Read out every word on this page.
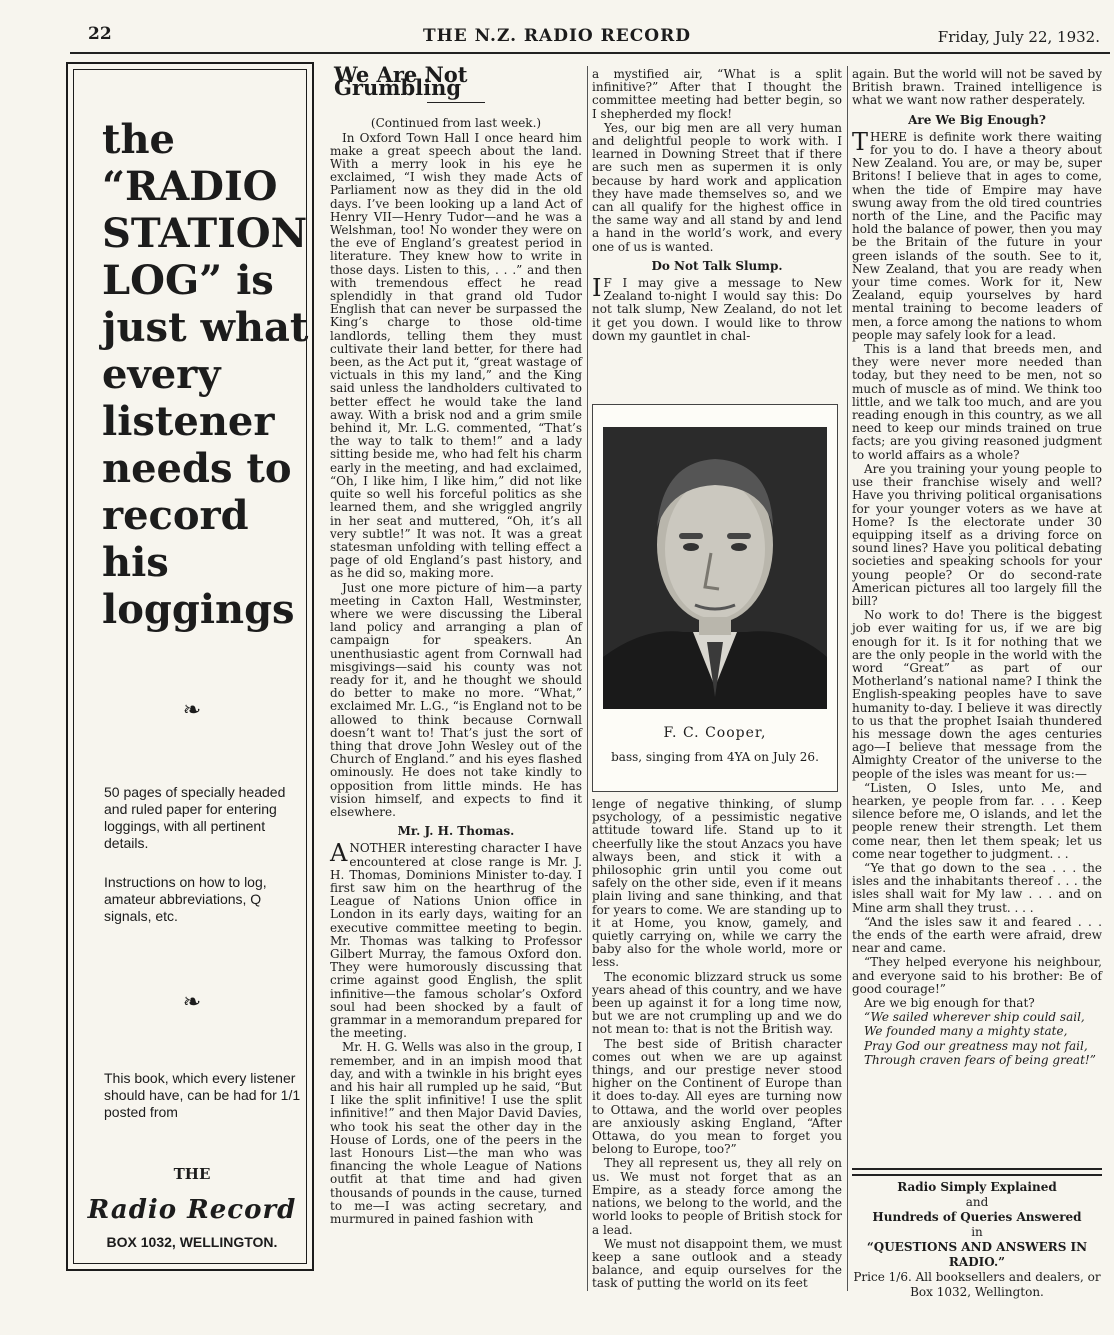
22	THE N.Z. RADIO RECORD	Friday, July 22, 1932.

the “RADIO STATION LOG” is just what every listener needs to record his loggings

❧

50 pages of specially headed and ruled paper for entering loggings, with all pertinent details.

Instructions on how to log, amateur abbreviations, Q signals, etc.

❧

This book, which every listener should have, can be had for 1/1 posted from

THE
Radio Record
BOX 1032, WELLINGTON.
We Are Not Grumbling

(Continued from last week.)

In Oxford Town Hall I once heard him make a great speech about the land. With a merry look in his eye he exclaimed, “I wish they made Acts of Parliament now as they did in the old days. I’ve been looking up a land Act of Henry VII—Henry Tudor—and he was a Welshman, too! No wonder they were on the eve of England’s greatest period in literature. They knew how to write in those days. Listen to this, . . .” and then with tremendous effect he read splendidly in that grand old Tudor English that can never be surpassed the King’s charge to those old-time landlords, telling them they must cultivate their land better, for there had been, as the Act put it, “great wastage of victuals in this my land,” and the King said unless the landholders cultivated to better effect he would take the land away. With a brisk nod and a grim smile behind it, Mr. L.G. commented, “That’s the way to talk to them!” and a lady sitting beside me, who had felt his charm early in the meeting, and had exclaimed, “Oh, I like him, I like him,” did not like quite so well his forceful politics as she learned them, and she wriggled angrily in her seat and muttered, “Oh, it’s all very subtle!” It was not. It was a great statesman unfolding with telling effect a page of old England’s past history, and as he did so, making more.

Just one more picture of him—a party meeting in Caxton Hall, Westminster, where we were discussing the Liberal land policy and arranging a plan of campaign for speakers. An unenthusiastic agent from Cornwall had misgivings—said his county was not ready for it, and he thought we should do better to make no more. “What,” exclaimed Mr. L.G., “is England not to be allowed to think because Cornwall doesn’t want to! That’s just the sort of thing that drove John Wesley out of the Church of England.” and his eyes flashed ominously. He does not take kindly to opposition from little minds. He has vision himself, and expects to find it elsewhere.

Mr. J. H. Thomas.

ANOTHER interesting character I have encountered at close range is Mr. J. H. Thomas, Dominions Minister to-day. I first saw him on the hearthrug of the League of Nations Union office in London in its early days, waiting for an executive committee meeting to begin. Mr. Thomas was talking to Professor Gilbert Murray, the famous Oxford don. They were humorously discussing that crime against good English, the split infinitive—the famous scholar’s Oxford soul had been shocked by a fault of grammar in a memorandum prepared for the meeting.

Mr. H. G. Wells was also in the group, I remember, and in an impish mood that day, and with a twinkle in his bright eyes and his hair all rumpled up he said, “But I like the split infinitive! I use the split infinitive!” and then Major David Davies, who took his seat the other day in the House of Lords, one of the peers in the last Honours List—the man who was financing the whole League of Nations outfit at that time and had given thousands of pounds in the cause, turned to me—I was acting secretary, and murmured in pained fashion with

a mystified air, “What is a split infinitive?” After that I thought the committee meeting had better begin, so I shepherded my flock!

Yes, our big men are all very human and delightful people to work with. I learned in Downing Street that if there are such men as supermen it is only because by hard work and application they have made themselves so, and we can all qualify for the highest office in the same way and all stand by and lend a hand in the world’s work, and every one of us is wanted.

Do Not Talk Slump.

I F I may give a message to New Zealand to-night I would say this: Do not talk slump, New Zealand, do not let it get you down. I would like to throw down my gauntlet in chal-

F. C. Cooper,
bass, singing from 4YA on July 26.

lenge of negative thinking, of slump psychology, of a pessimistic negative attitude toward life. Stand up to it cheerfully like the stout Anzacs you have always been, and stick it with a philosophic grin until you come out safely on the other side, even if it means plain living and sane thinking, and that for years to come. We are standing up to it at Home, you know, gamely, and quietly carrying on, while we carry the baby also for the whole world, more or less.

The economic blizzard struck us some years ahead of this country, and we have been up against it for a long time now, but we are not crumpling up and we do not mean to: that is not the British way.

The best side of British character comes out when we are up against things, and our prestige never stood higher on the Continent of Europe than it does to-day. All eyes are turning now to Ottawa, and the world over peoples are anxiously asking England, “After Ottawa, do you mean to forget you belong to Europe, too?”

They all represent us, they all rely on us. We must not forget that as an Empire, as a steady force among the nations, we belong to the world, and the world looks to people of British stock for a lead.

We must not disappoint them, we must keep a sane outlook and a steady balance, and equip ourselves for the task of putting the world on its feet

again. But the world will not be saved by British brawn. Trained intelligence is what we want now rather desperately.

Are We Big Enough?

THERE is definite work there waiting for you to do. I have a theory about New Zealand. You are, or may be, super Britons! I believe that in ages to come, when the tide of Empire may have swung away from the old tired countries north of the Line, and the Pacific may hold the balance of power, then you may be the Britain of the future in your green islands of the south. See to it, New Zealand, that you are ready when your time comes. Work for it, New Zealand, equip yourselves by hard mental training to become leaders of men, a force among the nations to whom people may safely look for a lead.

This is a land that breeds men, and they were never more needed than today, but they need to be men, not so much of muscle as of mind. We think too little, and we talk too much, and are you reading enough in this country, as we all need to keep our minds trained on true facts; are you giving reasoned judgment to world affairs as a whole?

Are you training your young people to use their franchise wisely and well? Have you thriving political organisations for your younger voters as we have at Home? Is the electorate under 30 equipping itself as a driving force on sound lines? Have you political debating societies and speaking schools for your young people? Or do second-rate American pictures all too largely fill the bill?

No work to do! There is the biggest job ever waiting for us, if we are big enough for it. Is it for nothing that we are the only people in the world with the word “Great” as part of our Motherland’s national name? I think the English-speaking peoples have to save humanity to-day. I believe it was directly to us that the prophet Isaiah thundered his message down the ages centuries ago—I believe that message from the Almighty Creator of the universe to the people of the isles was meant for us:—

“Listen, O Isles, unto Me, and hearken, ye people from far. . . . Keep silence before me, O islands, and let the people renew their strength. Let them come near, then let them speak; let us come near together to judgment. . .

“Ye that go down to the sea . . . the isles and the inhabitants thereof . . . the isles shall wait for My law . . . and on Mine arm shall they trust. . . .

“And the isles saw it and feared . . . the ends of the earth were afraid, drew near and came.

“They helped everyone his neighbour, and everyone said to his brother: Be of good courage!”

Are we big enough for that?

“We sailed wherever ship could sail,

We founded many a mighty state,

Pray God our greatness may not fail,

Through craven fears of being great!”

Radio Simply Explained
and
Hundreds of Queries Answered
in
“QUESTIONS AND ANSWERS IN RADIO.”
Price 1/6. All booksellers and dealers, or Box 1032, Wellington.
